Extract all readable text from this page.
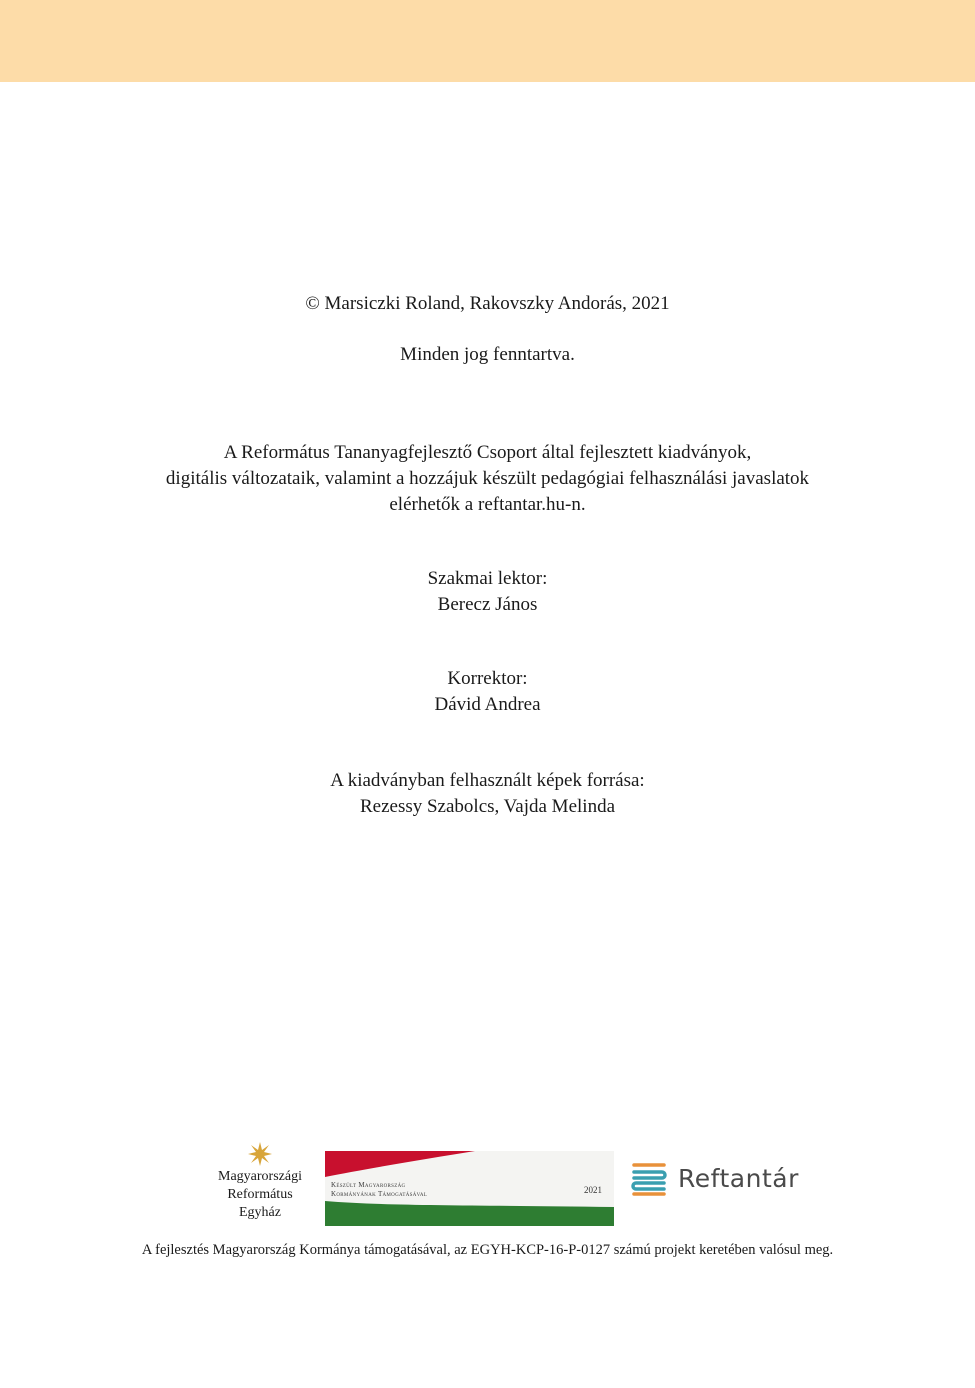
© Marsiczki Roland, Rakovszky Andorás, 2021
Minden jog fenntartva.
A Református Tananyagfejlesztő Csoport által fejlesztett kiadványok,
digitális változataik, valamint a hozzájuk készült pedagógiai felhasználási javaslatok
elérhetők a reftantar.hu-n.
Szakmai lektor:
Berecz János
Korrektor:
Dávid Andrea
A kiadványban felhasznált képek forrása:
Rezessy Szabolcs, Vajda Melinda
Magyarországi
Református
Egyház
Készült Magyarország
Kormányának Támogatásával	2021	Reftantár
A fejlesztés Magyarország Kormánya támogatásával, az EGYH-KCP-16-P-0127 számú projekt keretében valósul meg.
